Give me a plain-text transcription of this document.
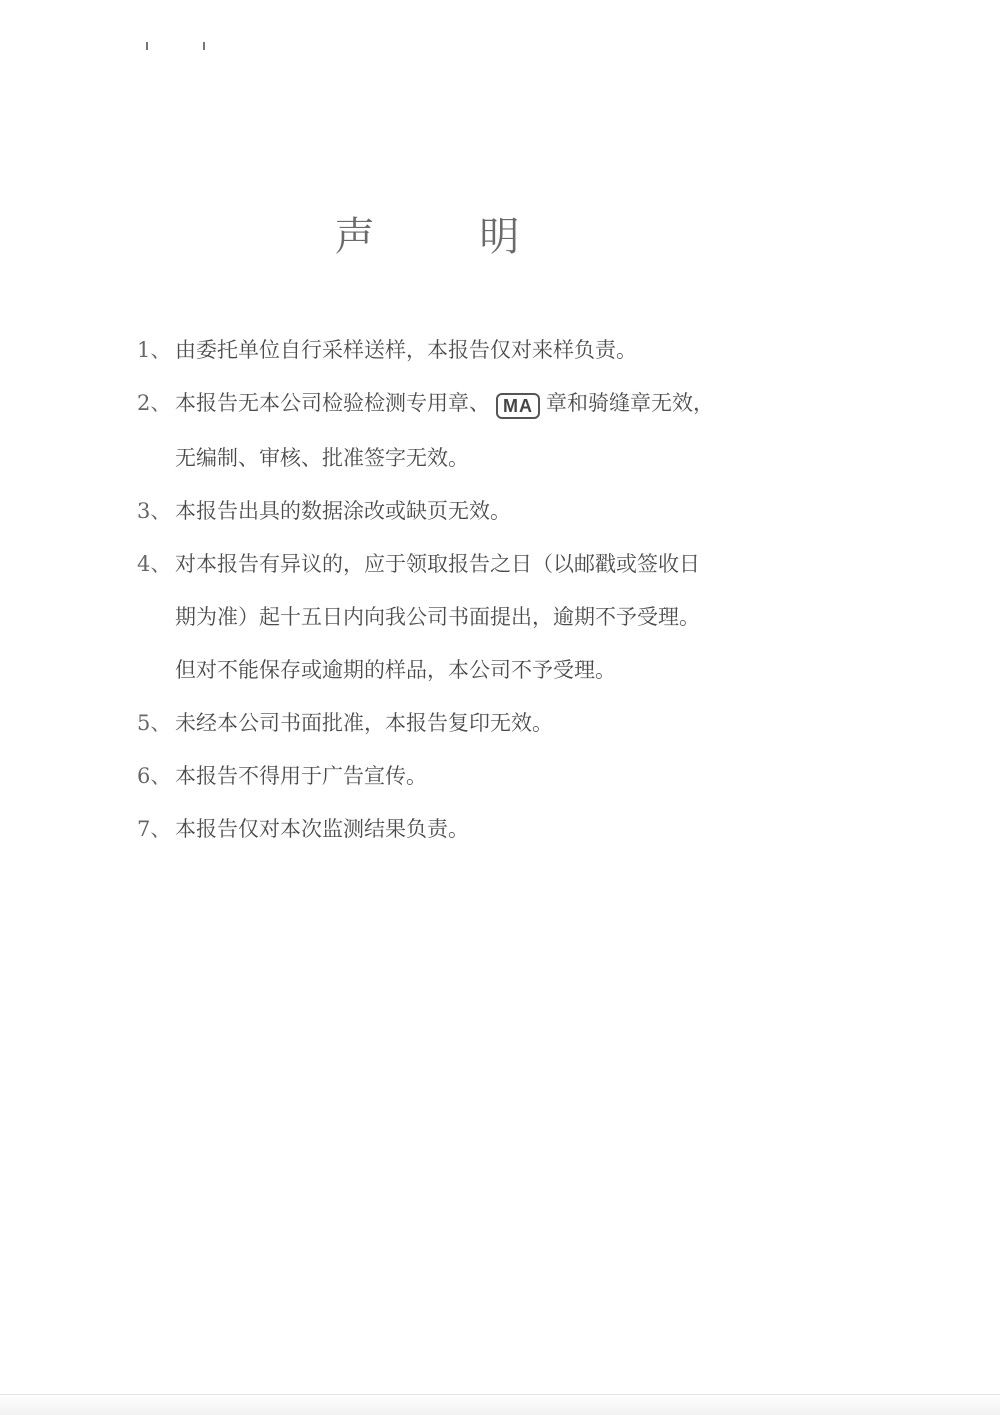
声 明
1、 由委托单位自行采样送样，本报告仅对来样负责。
2、 本报告无本公司检验检测专用章、 MA 章和骑缝章无效，
无编制、审核、批准签字无效。
3、 本报告出具的数据涂改或缺页无效。
4、 对本报告有异议的，应于领取报告之日（以邮戳或签收日
期为准）起十五日内向我公司书面提出，逾期不予受理。
但对不能保存或逾期的样品，本公司不予受理。
5、 未经本公司书面批准，本报告复印无效。
6、 本报告不得用于广告宣传。
7、 本报告仅对本次监测结果负责。
